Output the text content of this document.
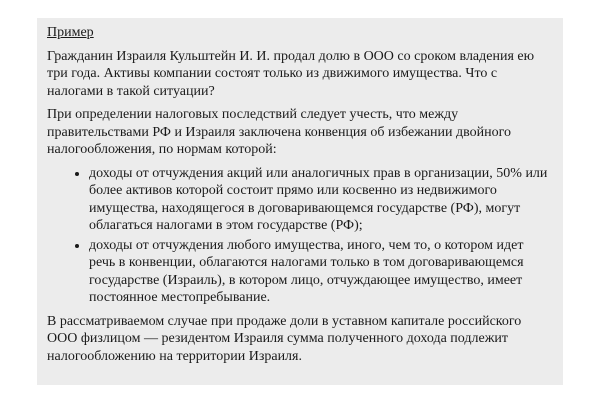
Пример

Гражданин Израиля Кульштейн И. И. продал долю в ООО со сроком владения ею три года. Активы компании состоят только из движимого имущества. Что с налогами в такой ситуации?

При определении налоговых последствий следует учесть, что между правительствами РФ и Израиля заключена конвенция об избежании двойного налогообложения, по нормам которой:

• доходы от отчуждения акций или аналогичных прав в организации, 50% или более активов которой состоит прямо или косвенно из недвижимого имущества, находящегося в договаривающемся государстве (РФ), могут облагаться налогами в этом государстве (РФ);
• доходы от отчуждения любого имущества, иного, чем то, о котором идет речь в конвенции, облагаются налогами только в том договаривающемся государстве (Израиль), в котором лицо, отчуждающее имущество, имеет постоянное местопребывание.

В рассматриваемом случае при продаже доли в уставном капитале российского ООО физлицом — резидентом Израиля сумма полученного дохода подлежит налогообложению на территории Израиля.
